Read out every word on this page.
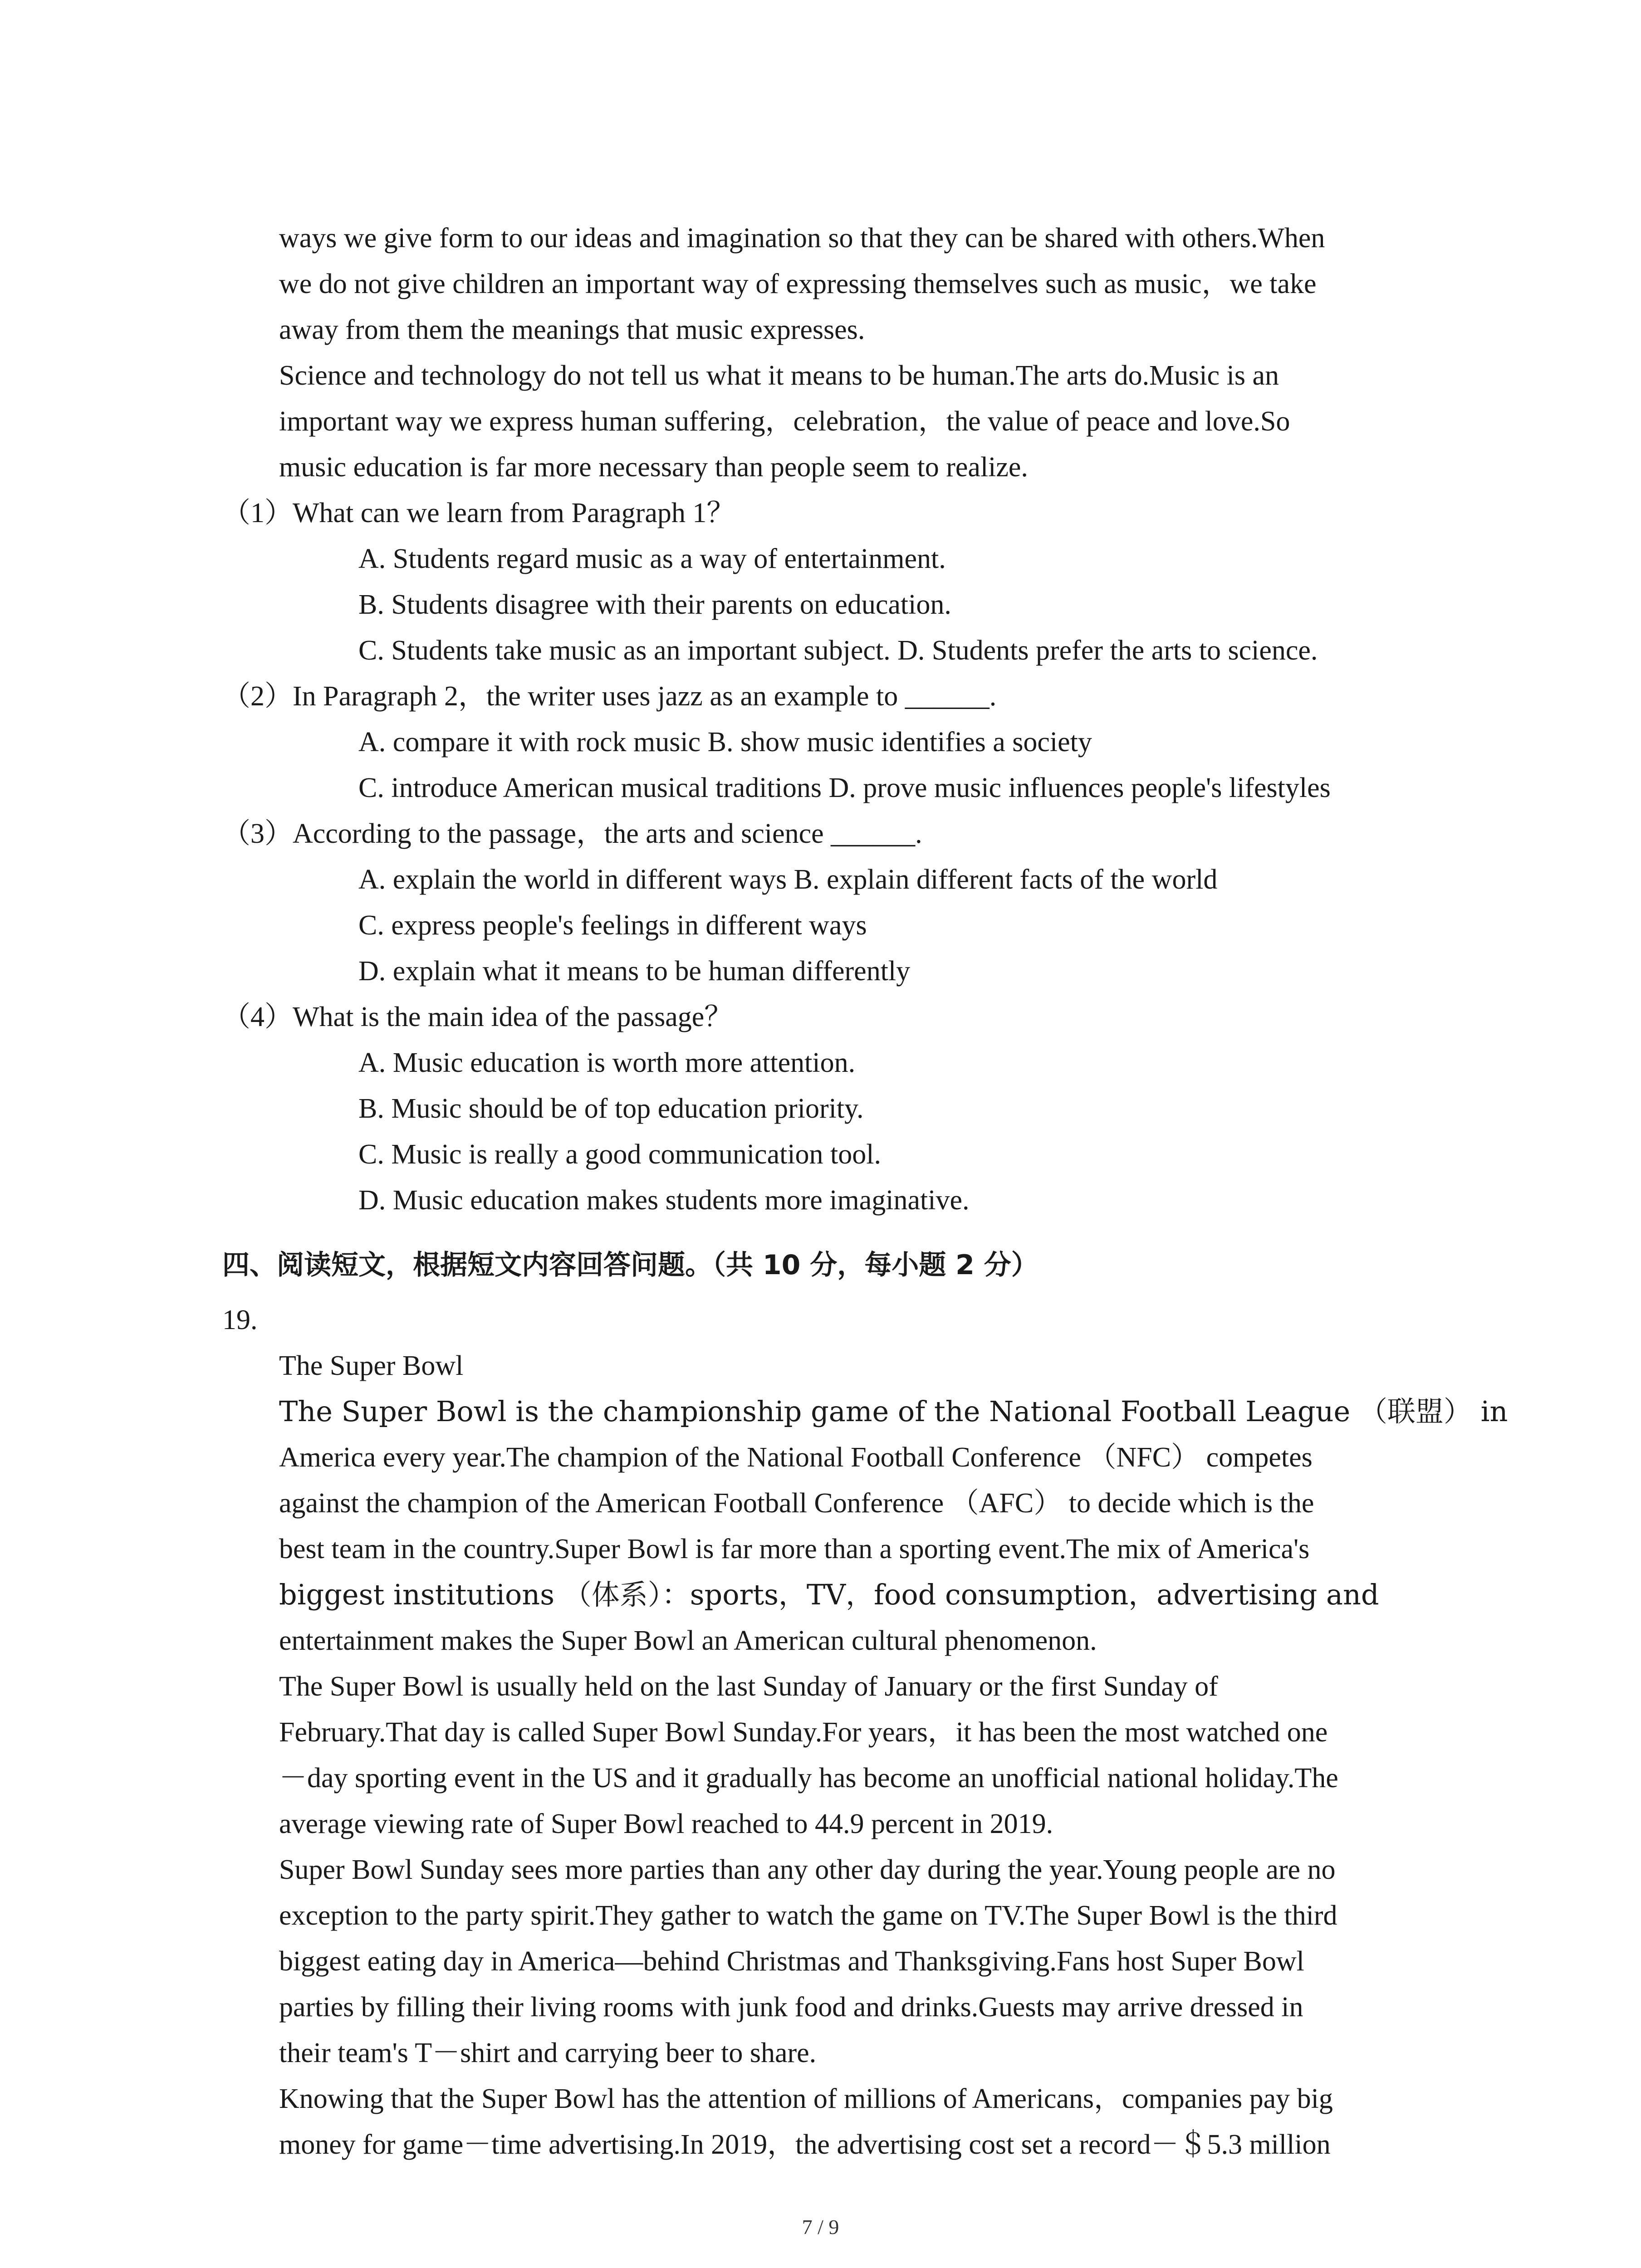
ways we give form to our ideas and imagination so that they can be shared with others.When
we do not give children an important way of expressing themselves such as music，we take
away from them the meanings that music expresses.
Science and technology do not tell us what it means to be human.The arts do.Music is an
important way we express human suffering，celebration，the value of peace and love.So
music education is far more necessary than people seem to realize.
（1）What can we learn from Paragraph 1？
A. Students regard music as a way of entertainment.
B. Students disagree with their parents on education.
C. Students take music as an important subject. D. Students prefer the arts to science.
（2）In Paragraph 2，the writer uses jazz as an example to ______.
A. compare it with rock music B. show music identifies a society
C. introduce American musical traditions D. prove music influences people's lifestyles
（3）According to the passage，the arts and science ______.
A. explain the world in different ways B. explain different facts of the world
C. express people's feelings in different ways
D. explain what it means to be human differently
（4）What is the main idea of the passage？
A. Music education is worth more attention.
B. Music should be of top education priority.
C. Music is really a good communication tool.
D. Music education makes students more imaginative.
四、阅读短文，根据短文内容回答问题。（共 10 分，每小题 2 分）
19.
The Super Bowl
The Super Bowl is the championship game of the National Football League （联盟） in
America every year.The champion of the National Football Conference （NFC） competes
against the champion of the American Football Conference （AFC） to decide which is the
best team in the country.Super Bowl is far more than a sporting event.The mix of America's
biggest institutions （体系）：sports，TV，food consumption，advertising and
entertainment makes the Super Bowl an American cultural phenomenon.
The Super Bowl is usually held on the last Sunday of January or the first Sunday of
February.That day is called Super Bowl Sunday.For years，it has been the most watched one
－day sporting event in the US and it gradually has become an unofficial national holiday.The
average viewing rate of Super Bowl reached to 44.9 percent in 2019.
Super Bowl Sunday sees more parties than any other day during the year.Young people are no
exception to the party spirit.They gather to watch the game on TV.The Super Bowl is the third
biggest eating day in America—behind Christmas and Thanksgiving.Fans host Super Bowl
parties by filling their living rooms with junk food and drinks.Guests may arrive dressed in
their team's T－shirt and carrying beer to share.
Knowing that the Super Bowl has the attention of millions of Americans，companies pay big
money for game－time advertising.In 2019，the advertising cost set a record－＄5.3 million
7 / 9
